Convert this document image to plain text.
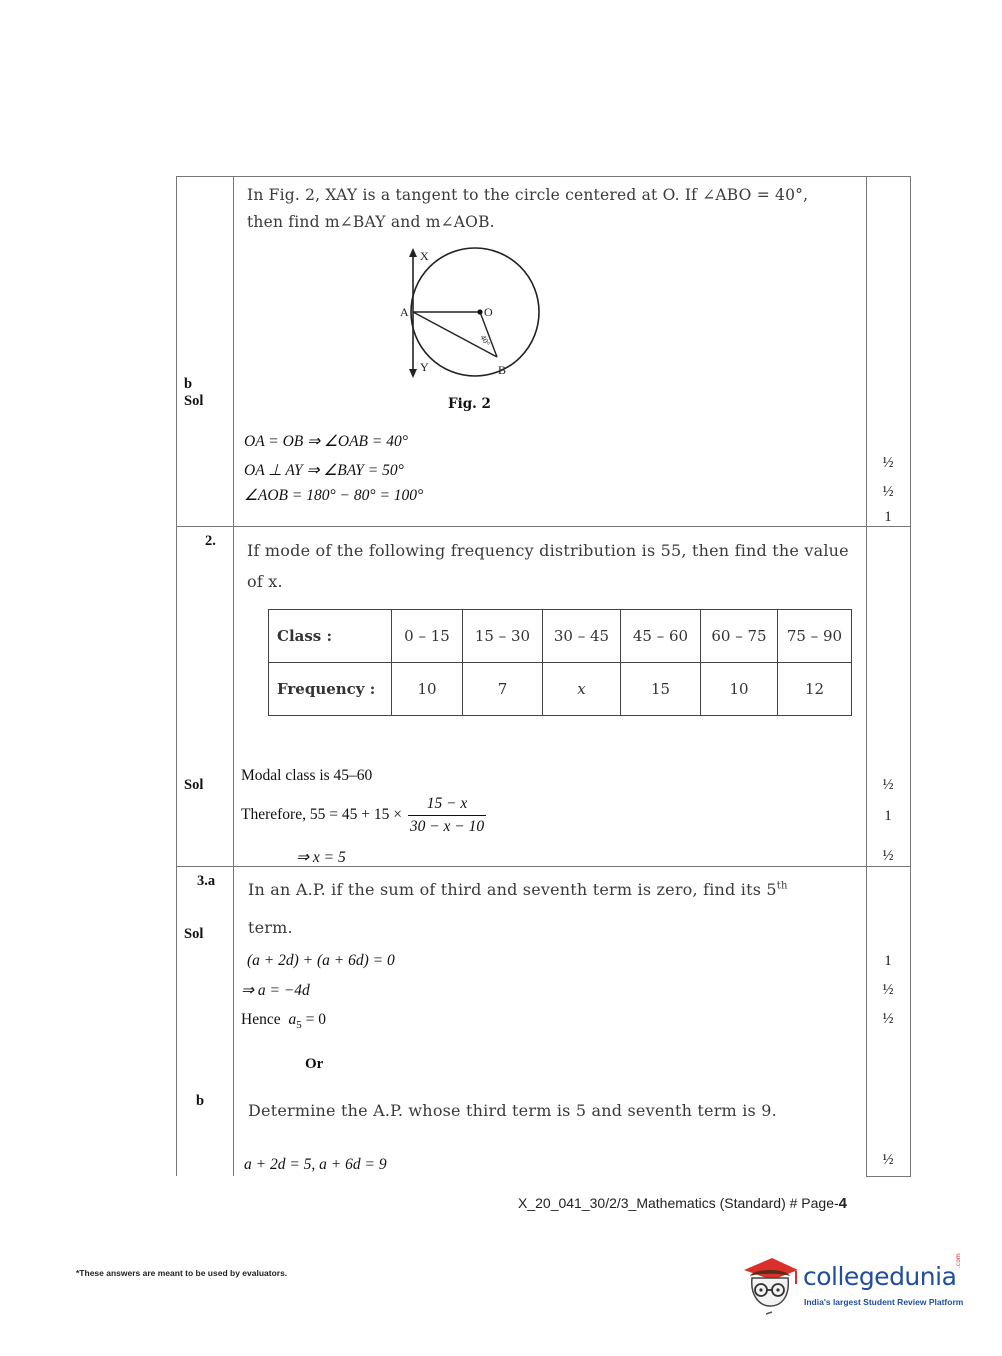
In Fig. 2, XAY is a tangent to the circle centered at O. If ∠ABO = 40°,
then find m∠BAY and m∠AOB.
X
A	O
Y	B
40°
b
Sol	Fig. 2
OA = OB ⇒ ∠OAB = 40°
OA ⊥ AY ⇒ ∠BAY = 50°
∠AOB = 180° − 80° = 100°
½
½
1
2. If mode of the following frequency distribution is 55, then find the value
of x.
Class :	0 – 15	15 – 30	30 – 45	45 – 60	60 – 75	75 – 90
Frequency :	10	7	x	15	10	12
Modal class is 45–60
Sol
Therefore, $55 = 45 + 15 \times \frac{15 - x}{30 - x - 10}$
⇒ x = 5
½
1
½
3.a In an A.P. if the sum of third and seventh term is zero, find its 5th
Sol	term.
(a + 2d) + (a + 6d) = 0
⇒ a = −4d
Hence $a_5 = 0$
1
½
½
Or
b	Determine the A.P. whose third term is 5 and seventh term is 9.
a + 2d = 5, a + 6d = 9	½
X_20_041_30/2/3_Mathematics (Standard) # Page-4
*These answers are meant to be used by evaluators.	collegedunia
.com
India's largest Student Review Platform
